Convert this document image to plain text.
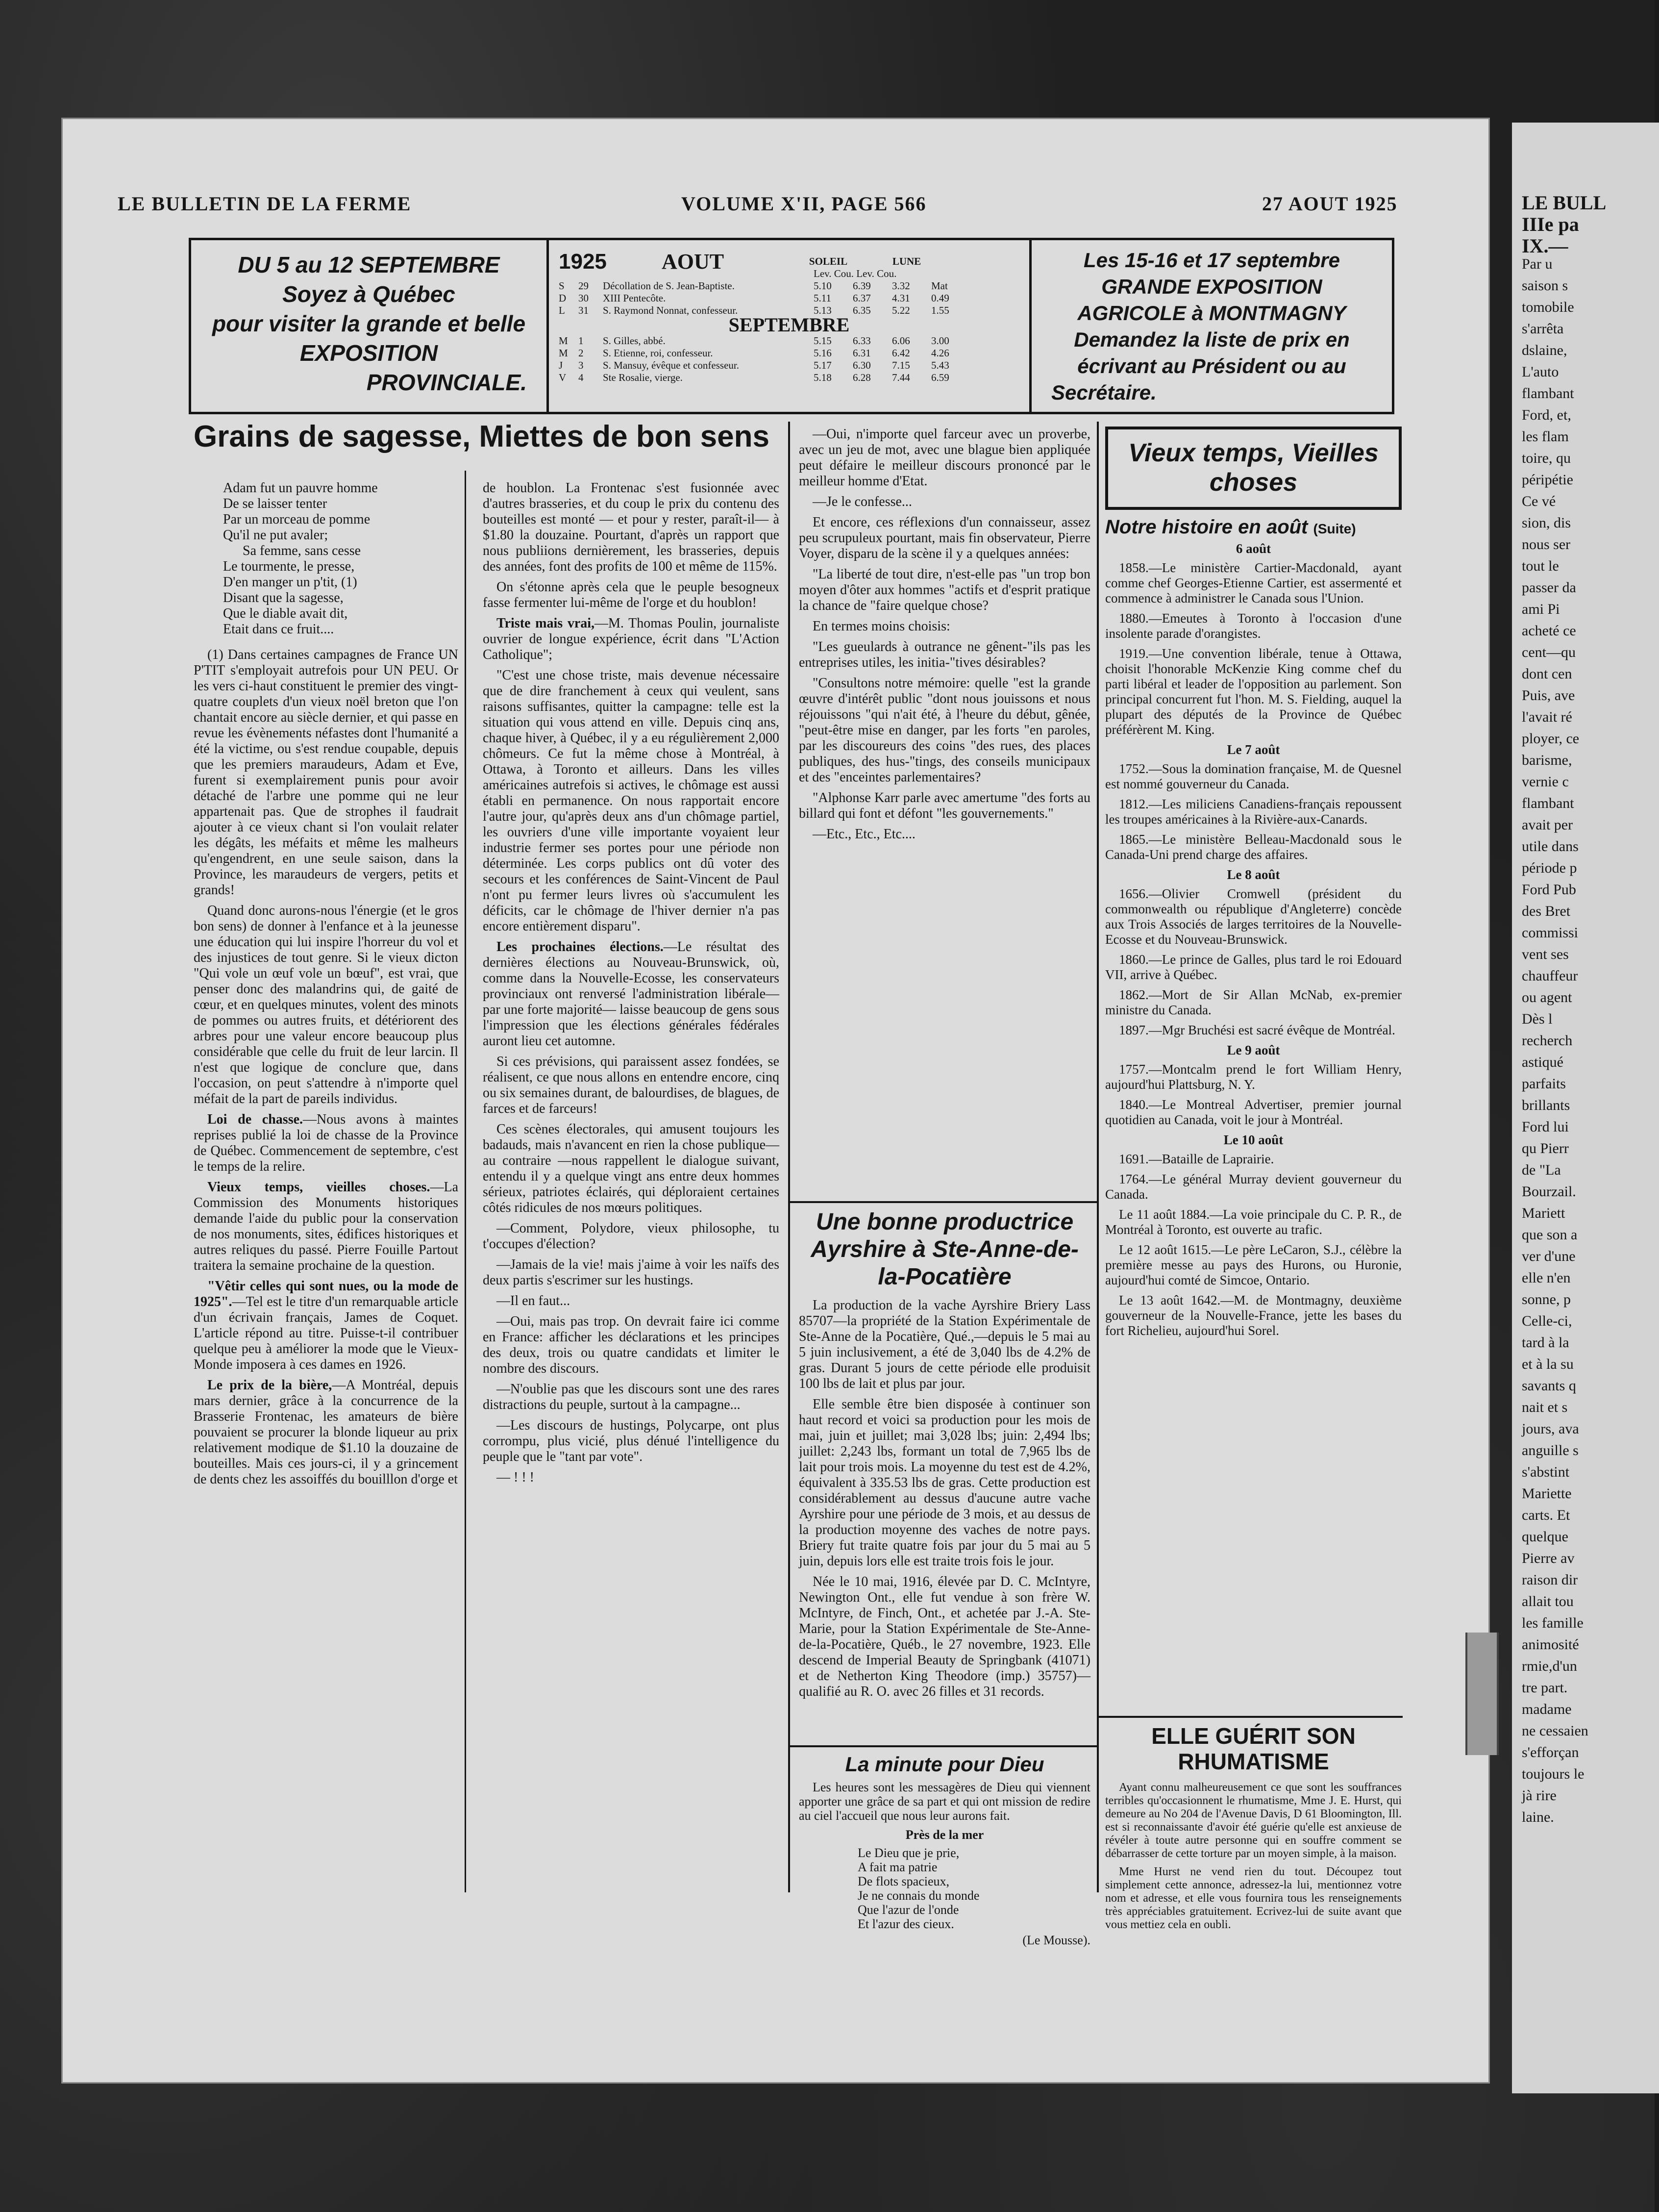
LE BULL
IIIe pa
IX.—
Par u
saison s
tomobile
s'arrêta
dslaine,
L'auto
flambant
Ford, et,
les flam
toire, qu
péripétie
Ce vé
sion, dis
nous ser
tout le
passer da
ami Pi
acheté ce
cent—qu
dont cen
Puis, ave
l'avait ré
ployer, ce
barisme,
vernie c
flambant
avait per
utile dans
période p
Ford Pub
des Bret
commissi
vent ses
chauffeur
ou agent
Dès l
recherch
astiqué
parfaits
brillants
Ford lui
qu Pierr
de "La
Bourzail.
Mariett
que son a
ver d'une
elle n'en
sonne, p
Celle-ci,
tard à la
et à la su
savants q
nait et s
jours, ava
anguille s
s'abstint
Mariette
carts. Et
quelque
Pierre av
raison dir
allait tou
les famille
animosité
rmie,d'un
tre part.
madame
ne cessaien
s'efforçan
toujours le
jà rire
laine.
LE BULLETIN DE LA FERME	VOLUME X'II, PAGE 566	27 AOUT 1925
DU 5 au 12 SEPTEMBRE
Soyez à Québec
pour visiter la grande et belle
EXPOSITION
PROVINCIALE.
1925	AOUT	SOLEIL	LUNE
Lev. Cou. Lev. Cou.
S	29	Décollation de S. Jean-Baptiste.	5.10	6.39	3.32	Mat
D	30	XIII Pentecôte.	5.11	6.37	4.31	0.49
L	31	S. Raymond Nonnat, confesseur.	5.13	6.35	5.22	1.55
SEPTEMBRE
M	1	S. Gilles, abbé.	5.15	6.33	6.06	3.00
M	2	S. Etienne, roi, confesseur.	5.16	6.31	6.42	4.26
J	3	S. Mansuy, évêque et confesseur.	5.17	6.30	7.15	5.43
V	4	Ste Rosalie, vierge.	5.18	6.28	7.44	6.59
Les 15-16 et 17 septembre
GRANDE EXPOSITION
AGRICOLE à MONTMAGNY
Demandez la liste de prix en
écrivant au Président ou au
Secrétaire.
Grains de sagesse, Miettes de bon sens
Adam fut un pauvre homme
De se laisser tenter
Par un morceau de pomme
Qu'il ne put avaler;
Sa femme, sans cesse
Le tourmente, le presse,
D'en manger un p'tit, (1)
Disant que la sagesse,
Que le diable avait dit,
Etait dans ce fruit....

(1) Dans certaines campagnes de France UN P'TIT s'employait autrefois pour UN PEU. Or les vers ci-haut constituent le premier des vingt-quatre couplets d'un vieux noël breton que l'on chantait encore au siècle dernier, et qui passe en revue les évènements néfastes dont l'humanité a été la victime, ou s'est rendue coupable, depuis que les premiers maraudeurs, Adam et Eve, furent si exemplairement punis pour avoir détaché de l'arbre une pomme qui ne leur appartenait pas. Que de strophes il faudrait ajouter à ce vieux chant si l'on voulait relater les dégâts, les méfaits et même les malheurs qu'engendrent, en une seule saison, dans la Province, les maraudeurs de vergers, petits et grands!

Quand donc aurons-nous l'énergie (et le gros bon sens) de donner à l'enfance et à la jeunesse une éducation qui lui inspire l'horreur du vol et des injustices de tout genre. Si le vieux dicton "Qui vole un œuf vole un bœuf", est vrai, que penser donc des malandrins qui, de gaité de cœur, et en quelques minutes, volent des minots de pommes ou autres fruits, et détériorent des arbres pour une valeur encore beaucoup plus considérable que celle du fruit de leur larcin. Il n'est que logique de conclure que, dans l'occasion, on peut s'attendre à n'importe quel méfait de la part de pareils individus.

Loi de chasse.—Nous avons à maintes reprises publié la loi de chasse de la Province de Québec. Commencement de septembre, c'est le temps de la relire.

Vieux temps, vieilles choses.—La Commission des Monuments historiques demande l'aide du public pour la conservation de nos monuments, sites, édifices historiques et autres reliques du passé. Pierre Fouille Partout traitera la semaine prochaine de la question.

"Vêtir celles qui sont nues, ou la mode de 1925".—Tel est le titre d'un remarquable article d'un écrivain français, James de Coquet. L'article répond au titre. Puisse-t-il contribuer quelque peu à améliorer la mode que le Vieux-Monde imposera à ces dames en 1926.

Le prix de la bière,—A Montréal, depuis mars dernier, grâce à la concurrence de la Brasserie Frontenac, les amateurs de bière pouvaient se procurer la blonde liqueur au prix relativement modique de $1.10 la douzaine de bouteilles. Mais ces jours-ci, il y a grincement de dents chez les assoiffés du bouilllon d'orge et

de houblon. La Frontenac s'est fusionnée avec d'autres brasseries, et du coup le prix du contenu des bouteilles est monté — et pour y rester, paraît-il— à $1.80 la douzaine. Pourtant, d'après un rapport que nous publiions dernièrement, les brasseries, depuis des années, font des profits de 100 et même de 115%.

On s'étonne après cela que le peuple besogneux fasse fermenter lui-même de l'orge et du houblon!

Triste mais vrai,—M. Thomas Poulin, journaliste ouvrier de longue expérience, écrit dans "L'Action Catholique";

"C'est une chose triste, mais devenue nécessaire que de dire franchement à ceux qui veulent, sans raisons suffisantes, quitter la campagne: telle est la situation qui vous attend en ville. Depuis cinq ans, chaque hiver, à Québec, il y a eu régulièrement 2,000 chômeurs. Ce fut la même chose à Montréal, à Ottawa, à Toronto et ailleurs. Dans les villes américaines autrefois si actives, le chômage est aussi établi en permanence. On nous rapportait encore l'autre jour, qu'après deux ans d'un chômage partiel, les ouvriers d'une ville importante voyaient leur industrie fermer ses portes pour une période non déterminée. Les corps publics ont dû voter des secours et les conférences de Saint-Vincent de Paul n'ont pu fermer leurs livres où s'accumulent les déficits, car le chômage de l'hiver dernier n'a pas encore entièrement disparu".

Les prochaines élections.—Le résultat des dernières élections au Nouveau-Brunswick, où, comme dans la Nouvelle-Ecosse, les conservateurs provinciaux ont renversé l'administration libérale—par une forte majorité— laisse beaucoup de gens sous l'impression que les élections générales fédérales auront lieu cet automne.

Si ces prévisions, qui paraissent assez fondées, se réalisent, ce que nous allons en entendre encore, cinq ou six semaines durant, de balourdises, de blagues, de farces et de farceurs!

Ces scènes électorales, qui amusent toujours les badauds, mais n'avancent en rien la chose publique— au contraire —nous rappellent le dialogue suivant, entendu il y a quelque vingt ans entre deux hommes sérieux, patriotes éclairés, qui déploraient certaines côtés ridicules de nos mœurs politiques.

—Comment, Polydore, vieux philosophe, tu t'occupes d'élection?

—Jamais de la vie! mais j'aime à voir les naïfs des deux partis s'escrimer sur les hustings.

—Il en faut...

—Oui, mais pas trop. On devrait faire ici comme en France: afficher les déclarations et les principes des deux, trois ou quatre candidats et limiter le nombre des discours.

—N'oublie pas que les discours sont une des rares distractions du peuple, surtout à la campagne...

—Les discours de hustings, Polycarpe, ont plus corrompu, plus vicié, plus dénué l'intelligence du peuple que le "tant par vote".

— ! ! !

—Oui, n'importe quel farceur avec un proverbe, avec un jeu de mot, avec une blague bien appliquée peut défaire le meilleur discours prononcé par le meilleur homme d'Etat.

—Je le confesse...

Et encore, ces réflexions d'un connaisseur, assez peu scrupuleux pourtant, mais fin observateur, Pierre Voyer, disparu de la scène il y a quelques années:

"La liberté de tout dire, n'est-elle pas "un trop bon moyen d'ôter aux hommes "actifs et d'esprit pratique la chance de "faire quelque chose?

En termes moins choisis:

"Les gueulards à outrance ne gênent-"ils pas les entreprises utiles, les initia-"tives désirables?

"Consultons notre mémoire: quelle "est la grande œuvre d'intérêt public "dont nous jouissons et nous réjouissons "qui n'ait été, à l'heure du début, gênée, "peut-être mise en danger, par les forts "en paroles, par les discoureurs des coins "des rues, des places publiques, des hus-"tings, des conseils municipaux et des "enceintes parlementaires?

"Alphonse Karr parle avec amertume "des forts au billard qui font et défont "les gouvernements."

—Etc., Etc., Etc....

Une bonne productrice Ayrshire à Ste-Anne-de-la-Pocatière

La production de la vache Ayrshire Briery Lass 85707—la propriété de la Station Expérimentale de Ste-Anne de la Pocatière, Qué.,—depuis le 5 mai au 5 juin inclusivement, a été de 3,040 lbs de 4.2% de gras. Durant 5 jours de cette période elle produisit 100 lbs de lait et plus par jour.

Elle semble être bien disposée à continuer son haut record et voici sa production pour les mois de mai, juin et juillet; mai 3,028 lbs; juin: 2,494 lbs; juillet: 2,243 lbs, formant un total de 7,965 lbs de lait pour trois mois. La moyenne du test est de 4.2%, équivalent à 335.53 lbs de gras. Cette production est considérablement au dessus d'aucune autre vache Ayrshire pour une période de 3 mois, et au dessus de la production moyenne des vaches de notre pays. Briery fut traite quatre fois par jour du 5 mai au 5 juin, depuis lors elle est traite trois fois le jour.

Née le 10 mai, 1916, élevée par D. C. McIntyre, Newington Ont., elle fut vendue à son frère W. McIntyre, de Finch, Ont., et achetée par J.-A. Ste-Marie, pour la Station Expérimentale de Ste-Anne-de-la-Pocatière, Québ., le 27 novembre, 1923. Elle descend de Imperial Beauty de Springbank (41071) et de Netherton King Theodore (imp.) 35757)—qualifié au R. O. avec 26 filles et 31 records.

La minute pour Dieu

Les heures sont les messagères de Dieu qui viennent apporter une grâce de sa part et qui ont mission de redire au ciel l'accueil que nous leur aurons fait.

Près de la mer
Le Dieu que je prie,
A fait ma patrie
De flots spacieux,
Je ne connais du monde
Que l'azur de l'onde
Et l'azur des cieux.
(Le Mousse).
Vieux temps, Vieilles choses
Notre histoire en août (Suite)
6 août

1858.—Le ministère Cartier-Macdonald, ayant comme chef Georges-Etienne Cartier, est assermenté et commence à administrer le Canada sous l'Union.

1880.—Emeutes à Toronto à l'occasion d'une insolente parade d'orangistes.

1919.—Une convention libérale, tenue à Ottawa, choisit l'honorable McKenzie King comme chef du parti libéral et leader de l'opposition au parlement. Son principal concurrent fut l'hon. M. S. Fielding, auquel la plupart des députés de la Province de Québec préférèrent M. King.

Le 7 août

1752.—Sous la domination française, M. de Quesnel est nommé gouverneur du Canada.

1812.—Les miliciens Canadiens-français repoussent les troupes américaines à la Rivière-aux-Canards.

1865.—Le ministère Belleau-Macdonald sous le Canada-Uni prend charge des affaires.

Le 8 août

1656.—Olivier Cromwell (président du commonwealth ou république d'Angleterre) concède aux Trois Associés de larges territoires de la Nouvelle-Ecosse et du Nouveau-Brunswick.

1860.—Le prince de Galles, plus tard le roi Edouard VII, arrive à Québec.

1862.—Mort de Sir Allan McNab, ex-premier ministre du Canada.

1897.—Mgr Bruchési est sacré évêque de Montréal.

Le 9 août

1757.—Montcalm prend le fort William Henry, aujourd'hui Plattsburg, N. Y.

1840.—Le Montreal Advertiser, premier journal quotidien au Canada, voit le jour à Montréal.

Le 10 août

1691.—Bataille de Laprairie.

1764.—Le général Murray devient gouverneur du Canada.

Le 11 août 1884.—La voie principale du C. P. R., de Montréal à Toronto, est ouverte au trafic.

Le 12 août 1615.—Le père LeCaron, S.J., célèbre la première messe au pays des Hurons, ou Huronie, aujourd'hui comté de Simcoe, Ontario.

Le 13 août 1642.—M. de Montmagny, deuxième gouverneur de la Nouvelle-France, jette les bases du fort Richelieu, aujourd'hui Sorel.

ELLE GUÉRIT SON RHUMATISME

Ayant connu malheureusement ce que sont les souffrances terribles qu'occasionnent le rhumatisme, Mme J. E. Hurst, qui demeure au No 204 de l'Avenue Davis, D 61 Bloomington, Ill. est si reconnaissante d'avoir été guérie qu'elle est anxieuse de révéler à toute autre personne qui en souffre comment se débarrasser de cette torture par un moyen simple, à la maison.

Mme Hurst ne vend rien du tout. Découpez tout simplement cette annonce, adressez-la lui, mentionnez votre nom et adresse, et elle vous fournira tous les renseignements très appréciables gratuitement. Ecrivez-lui de suite avant que vous mettiez cela en oubli.
